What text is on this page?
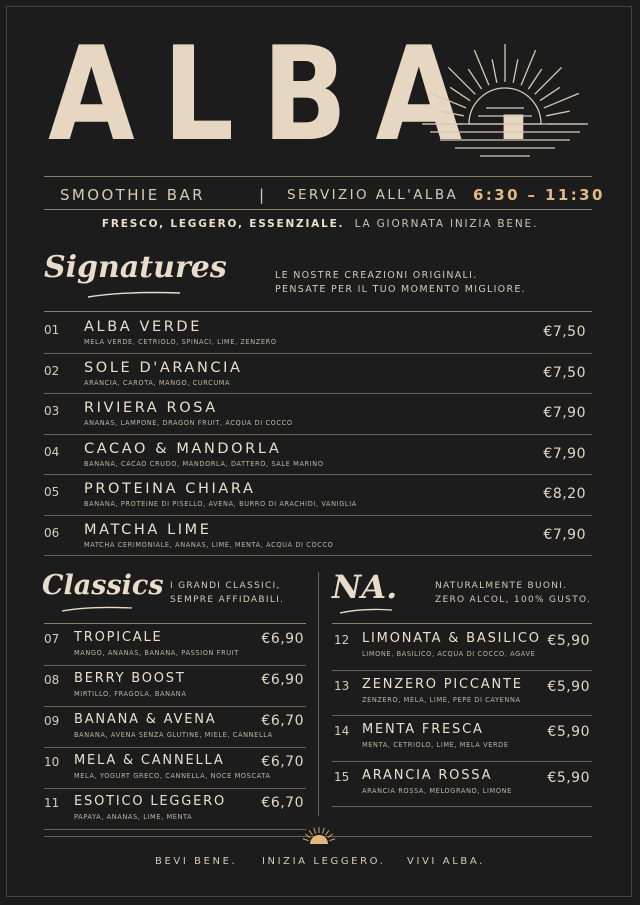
ALBA.
SMOOTHIE BAR	| SERVIZIO ALL'ALBA 6:30 – 11:30
FRESCO, LEGGERO, ESSENZIALE. LA GIORNATA INIZIA BENE.
Signatures	LE NOSTRE CREAZIONI ORIGINALI.
PENSATE PER IL TUO MOMENTO MIGLIORE.
01 ALBA VERDE
MELA VERDE, CETRIOLO, SPINACI, LIME, ZENZERO
€7,50
02 SOLE D'ARANCIA
ARANCIA, CAROTA, MANGO, CURCUMA
€7,50
03 RIVIERA ROSA
ANANAS, LAMPONE, DRAGON FRUIT, ACQUA DI COCCO
€7,90
04 CACAO & MANDORLA
BANANA, CACAO CRUDO, MANDORLA, DATTERO, SALE MARINO
€7,90
05 PROTEINA CHIARA
BANANA, PROTEINE DI PISELLO, AVENA, BURRO DI ARACHIDI, VANIGLIA
€8,20
06 MATCHA LIME
MATCHA CERIMONIALE, ANANAS, LIME, MENTA, ACQUA DI COCCO
€7,90
Classics I GRANDI CLASSICI,
SEMPRE AFFIDABILI.
07 TROPICALE
MANGO, ANANAS, BANANA, PASSION FRUIT
€6,90
08 BERRY BOOST
MIRTILLO, FRAGOLA, BANANA
€6,90
09 BANANA & AVENA
BANANA, AVENA SENZA GLUTINE, MIELE, CANNELLA
€6,70
10 MELA & CANNELLA
MELA, YOGURT GRECO, CANNELLA, NOCE MOSCATA
€6,70
11 ESOTICO LEGGERO
PAPAYA, ANANAS, LIME, MENTA
€6,70
NA.	NATURALMENTE BUONI.
ZERO ALCOL, 100% GUSTO.
12 LIMONATA & BASILICO
LIMONE, BASILICO, ACQUA DI COCCO, AGAVE
€5,90
13 ZENZERO PICCANTE
ZENZERO, MELA, LIME, PEPE DI CAYENNA
€5,90
14 MENTA FRESCA
MENTA, CETRIOLO, LIME, MELA VERDE
€5,90
15 ARANCIA ROSSA
ARANCIA ROSSA, MELOGRANO, LIMONE
€5,90
BEVI BENE. INIZIA LEGGERO. VIVI ALBA.
